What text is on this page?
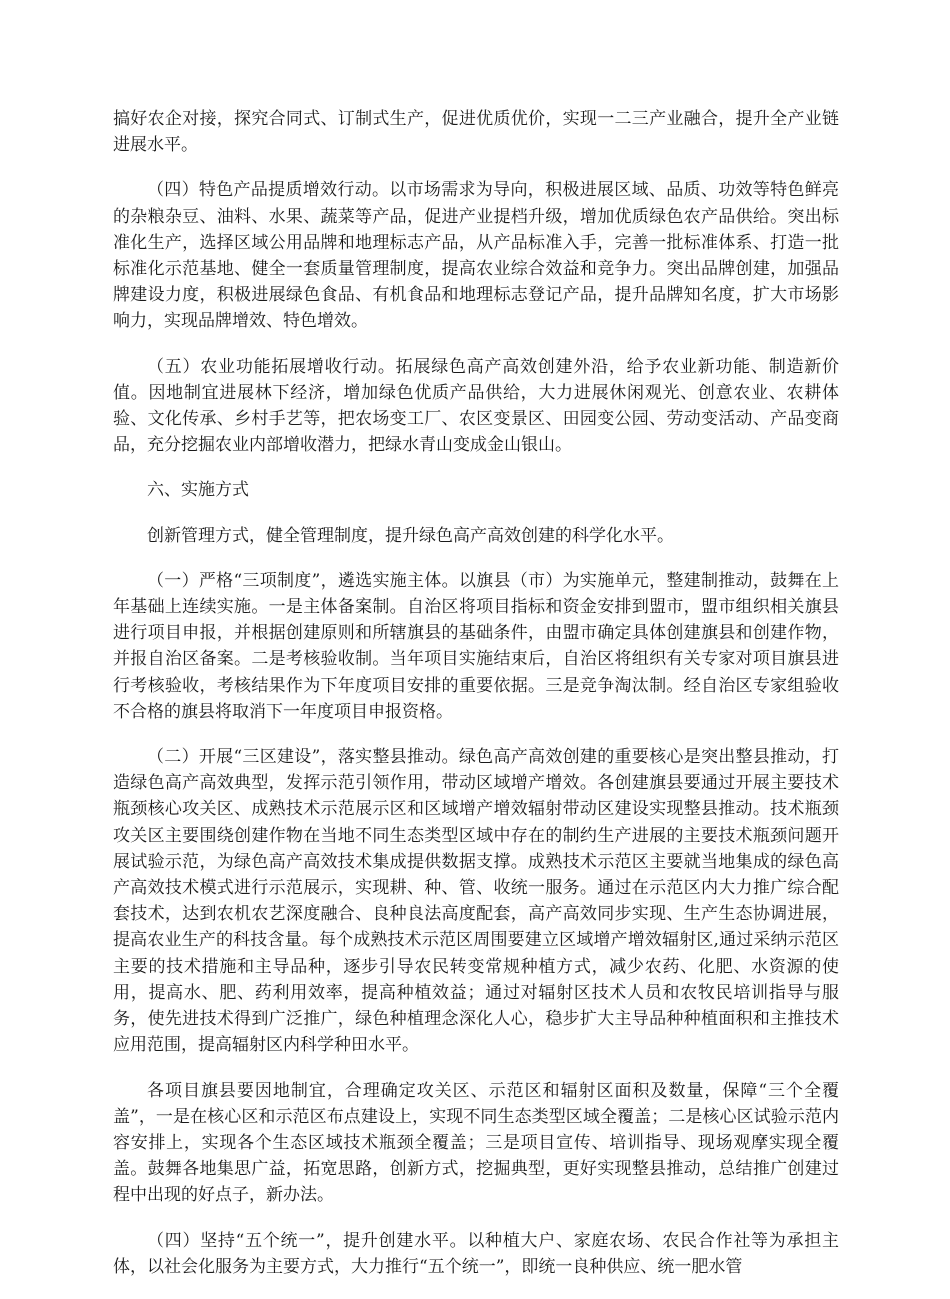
搞好农企对接，探究合同式、订制式生产，促进优质优价，实现一二三产业融合，提升全产业链进展水平。

（四）特色产品提质增效行动。以市场需求为导向，积极进展区域、品质、功效等特色鲜亮的杂粮杂豆、油料、水果、蔬菜等产品，促进产业提档升级，增加优质绿色农产品供给。突出标准化生产，选择区域公用品牌和地理标志产品，从产品标准入手，完善一批标准体系、打造一批标准化示范基地、健全一套质量管理制度，提高农业综合效益和竞争力。突出品牌创建，加强品牌建设力度，积极进展绿色食品、有机食品和地理标志登记产品，提升品牌知名度，扩大市场影响力，实现品牌增效、特色增效。

（五）农业功能拓展增收行动。拓展绿色高产高效创建外沿，给予农业新功能、制造新价值。因地制宜进展林下经济，增加绿色优质产品供给，大力进展休闲观光、创意农业、农耕体验、文化传承、乡村手艺等，把农场变工厂、农区变景区、田园变公园、劳动变活动、产品变商品，充分挖掘农业内部增收潜力，把绿水青山变成金山银山。

六、实施方式

创新管理方式，健全管理制度，提升绿色高产高效创建的科学化水平。

（一）严格“三项制度”，遴选实施主体。以旗县（市）为实施单元，整建制推动，鼓舞在上年基础上连续实施。一是主体备案制。自治区将项目指标和资金安排到盟市，盟市组织相关旗县进行项目申报，并根据创建原则和所辖旗县的基础条件，由盟市确定具体创建旗县和创建作物，并报自治区备案。二是考核验收制。当年项目实施结束后，自治区将组织有关专家对项目旗县进行考核验收，考核结果作为下年度项目安排的重要依据。三是竞争淘汰制。经自治区专家组验收不合格的旗县将取消下一年度项目申报资格。

（二）开展“三区建设”，落实整县推动。绿色高产高效创建的重要核心是突出整县推动，打造绿色高产高效典型，发挥示范引领作用，带动区域增产增效。各创建旗县要通过开展主要技术瓶颈核心攻关区、成熟技术示范展示区和区域增产增效辐射带动区建设实现整县推动。技术瓶颈攻关区主要围绕创建作物在当地不同生态类型区域中存在的制约生产进展的主要技术瓶颈问题开展试验示范，为绿色高产高效技术集成提供数据支撑。成熟技术示范区主要就当地集成的绿色高产高效技术模式进行示范展示，实现耕、种、管、收统一服务。通过在示范区内大力推广综合配套技术，达到农机农艺深度融合、良种良法高度配套，高产高效同步实现、生产生态协调进展，提高农业生产的科技含量。每个成熟技术示范区周围要建立区域增产增效辐射区,通过采纳示范区主要的技术措施和主导品种，逐步引导农民转变常规种植方式，减少农药、化肥、水资源的使用，提高水、肥、药利用效率，提高种植效益；通过对辐射区技术人员和农牧民培训指导与服务，使先进技术得到广泛推广，绿色种植理念深化人心，稳步扩大主导品种种植面积和主推技术应用范围，提高辐射区内科学种田水平。

各项目旗县要因地制宜，合理确定攻关区、示范区和辐射区面积及数量，保障“三个全覆盖”，一是在核心区和示范区布点建设上，实现不同生态类型区域全覆盖；二是核心区试验示范内容安排上，实现各个生态区域技术瓶颈全覆盖；三是项目宣传、培训指导、现场观摩实现全覆盖。鼓舞各地集思广益，拓宽思路，创新方式，挖掘典型，更好实现整县推动，总结推广创建过程中出现的好点子，新办法。

（四）坚持“五个统一”，提升创建水平。以种植大户、家庭农场、农民合作社等为承担主体，以社会化服务为主要方式，大力推行“五个统一”，即统一良种供应、统一肥水管
